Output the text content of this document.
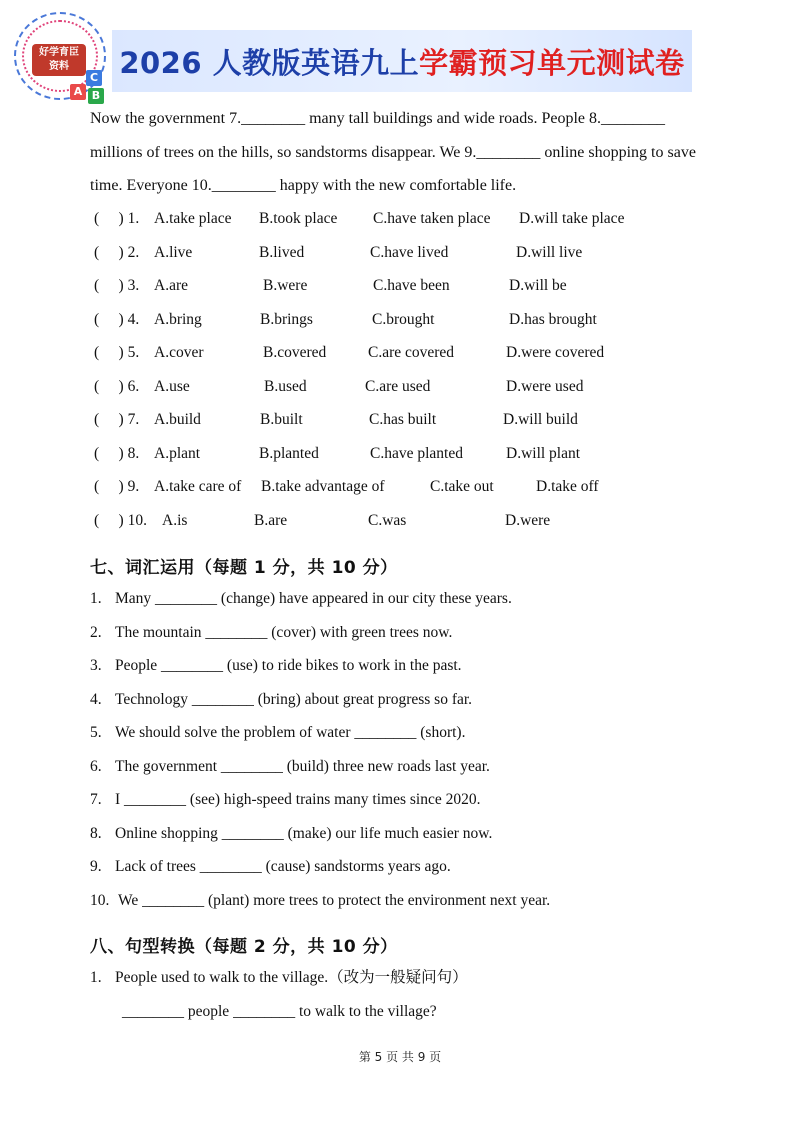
好学育臣
资料
C
A B
2026 人教版英语九上 学霸预习单元测试卷
Now the government 7.________ many tall buildings and wide roads. People 8.________
millions of trees on the hills, so sandstorms disappear. We 9.________ online shopping to save
time. Everyone 10.________ happy with the new comfortable life.
(　 ) 1. A.take place B.took place C.have taken place D.will take place
(　 ) 2. A.live	B.lived	C.have lived	D.will live
(　 ) 3. A.are	B.were	C.have been	D.will be
(　 ) 4. A.bring	B.brings	C.brought	D.has brought
(　 ) 5. A.cover	B.covered	C.are covered	D.were covered
(　 ) 6. A.use	B.used	C.are used	D.were used
(　 ) 7. A.build	B.built	C.has built	D.will build
(　 ) 8. A.plant	B.planted	C.have planted	D.will plant
(　 ) 9. A.take care of B.take advantage of	C.take out	D.take off
(　 ) 10. A.is	B.are	C.was	D.were
七、词汇运用（每题 1 分，共 10 分）
1. Many ________ (change) have appeared in our city these years.
2. The mountain ________ (cover) with green trees now.
3. People ________ (use) to ride bikes to work in the past.
4. Technology ________ (bring) about great progress so far.
5. We should solve the problem of water ________ (short).
6. The government ________ (build) three new roads last year.
7. I ________ (see) high-speed trains many times since 2020.
8. Online shopping ________ (make) our life much easier now.
9. Lack of trees ________ (cause) sandstorms years ago.
10. We ________ (plant) more trees to protect the environment next year.
八、句型转换（每题 2 分，共 10 分）
1. People used to walk to the village.（改为一般疑问句）
________ people ________ to walk to the village?
第 5 页 共 9 页
